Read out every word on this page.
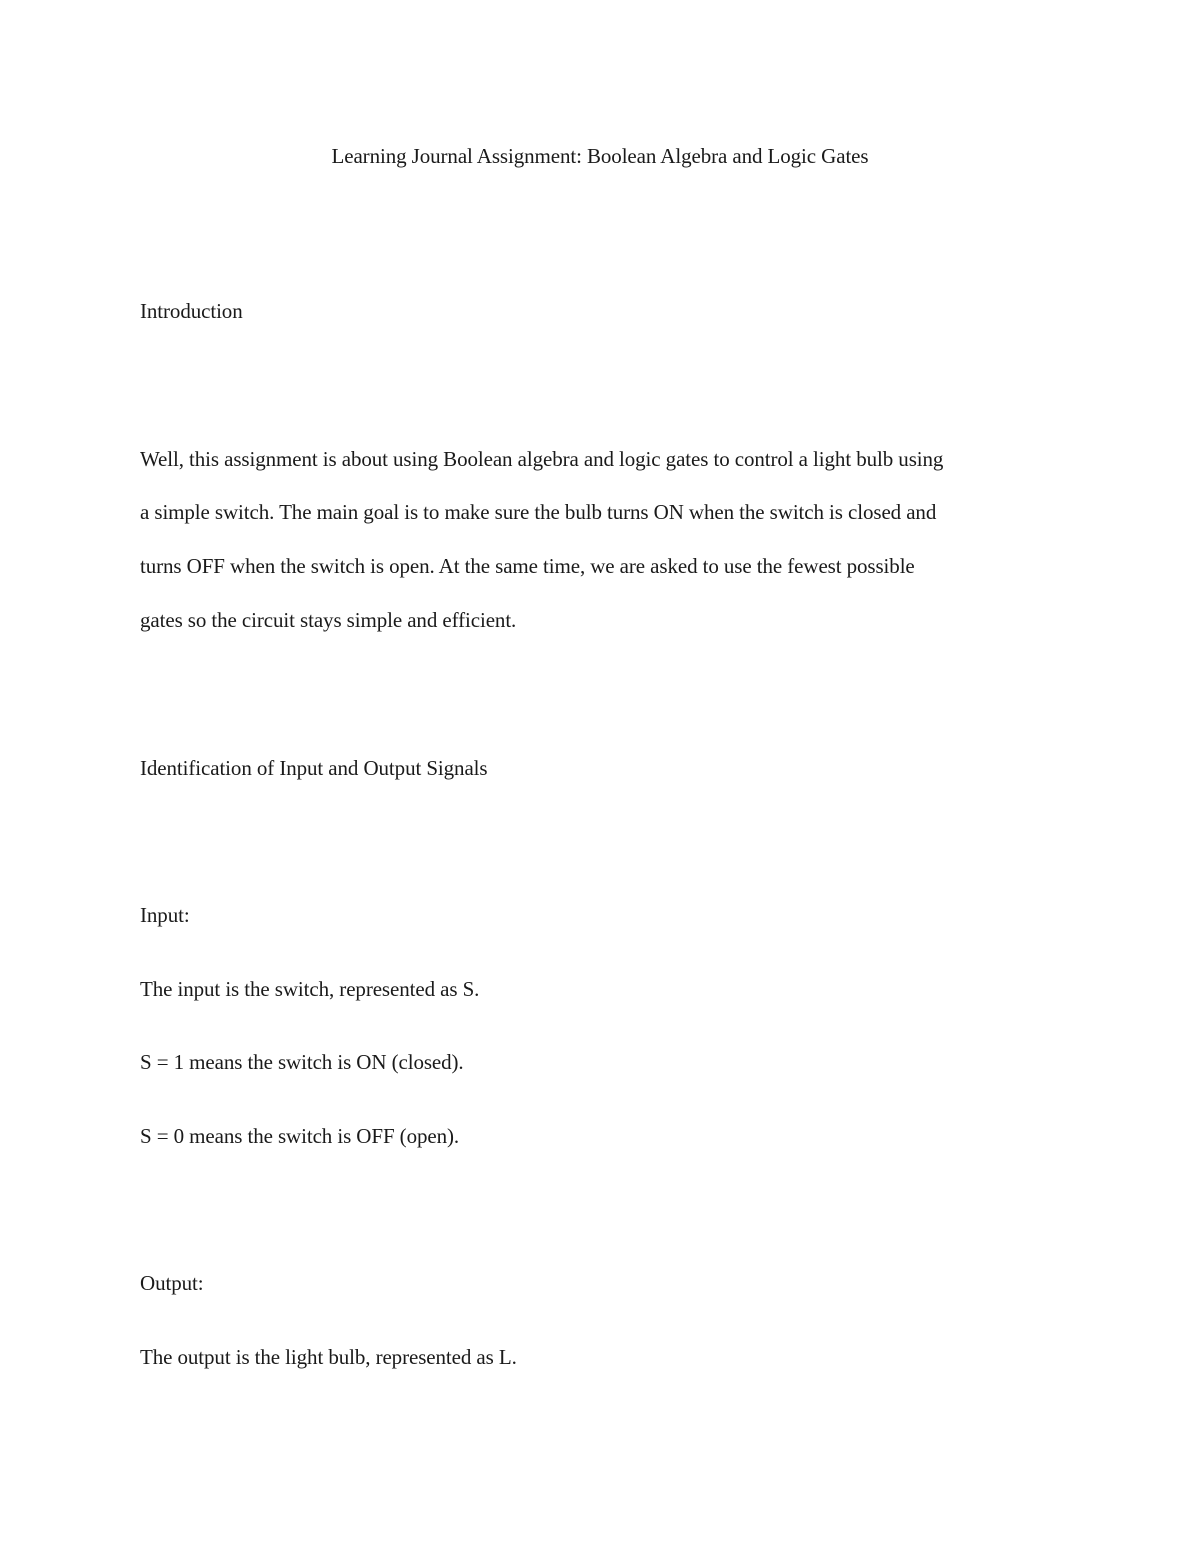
Learning Journal Assignment: Boolean Algebra and Logic Gates
Introduction
Well, this assignment is about using Boolean algebra and logic gates to control a light bulb using
a simple switch. The main goal is to make sure the bulb turns ON when the switch is closed and
turns OFF when the switch is open. At the same time, we are asked to use the fewest possible
gates so the circuit stays simple and efficient.
Identification of Input and Output Signals
Input:
The input is the switch, represented as S.
S = 1 means the switch is ON (closed).
S = 0 means the switch is OFF (open).
Output:
The output is the light bulb, represented as L.
